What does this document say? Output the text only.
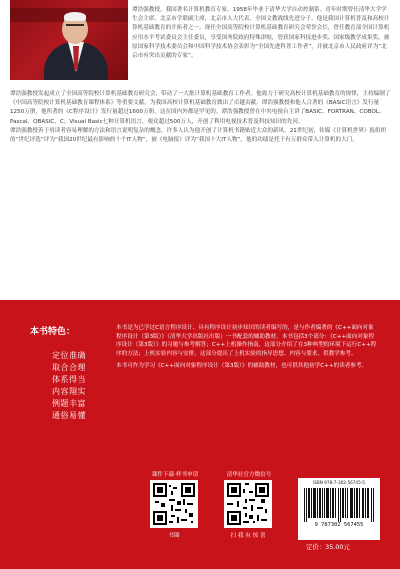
谭浩强教授，我国著名计算机教育专家。1958年毕业于清华大学自动控制系。青年时期曾任清华大学学生会主席、北京市学联副主席，北京市人大代表、全国文教战线先进分子。他是我国计算机普及和高校计算机基础教育的开拓者之一。现任全国高等院校计算机基础教育研究会荣誉会长，曾任教育部全国计算机应用水平考试委员会主任委员，享受国务院政府特殊津贴，曾获国家科技进步奖、国家级教学成果奖，被原国家科学技术委员会和中国科学技术协会表彰为“全国先进科普工作者”，并被北京市人民政府评为“北京市有突出贡献的专家”。

谭浩强教授发起成立了全国高等院校计算机基础教育研究会，带动了一大批计算机基础教育工作者。他致力于研究高校计算机基础教育的规律，主持编制了《中国高等院校计算机基础教育课程体系》等重要文献，为我国高校计算机基础教育做出了卓越贡献。谭浩强教授和他人合著的《BASIC语言》发行量1250万册，他所著的《C程序设计》发行量超过1600万册，这在国内外都是罕见的。谭浩强教授曾在中央电视台主讲了BASIC、FORTRAN、COBOL、Pascal、QBASIC、C、Visual Basic七种计算机语言，观众超过500万人，开创了利用电视技术普及科技知识的先河。

谭浩强教授善于用读者容易理解的方法和语言说明复杂的概念，许多人认为他开创了计算机书籍贴近大众的新风。21世纪初，传媒《计算机世界》报组织的“世纪评选”评为“我国20世纪最有影响的十个IT人物”，被《电脑报》评为“我国十大IT人物”，他的功绩是托于有万群众带入计算机的大门。

本书特色：

定位准确
取合合理
体系得当
内容翔实
例题丰富
通俗易懂

本书是为已学过C语言程序设计、具有程序设计初步知识的读者编写的，是与作者编著的《C++面向对象程序设计（第3版）》（清华大学出版社出版）一书配套的辅助教材。本书包括3个部分：《C++面向对象程序设计（第3版）》的习题与参考解答；C++上机操作指南，这部分介绍了在3种典型的环境下运行C++程序的方法；上机实验内容与安排，这部分提出了上机实验的指导思想、内容与要求，供教学参考。

本书可作为学习《C++面向对象程序设计（第3版）》的辅助教材，也可供其他初学C++的读者参考。

课件下载·样书申请

书圈

清华社官方微信号

扫 我 有 惊 喜

ISBN 978-7-302-56745-5

9 787302 567455

定价：35.00元
